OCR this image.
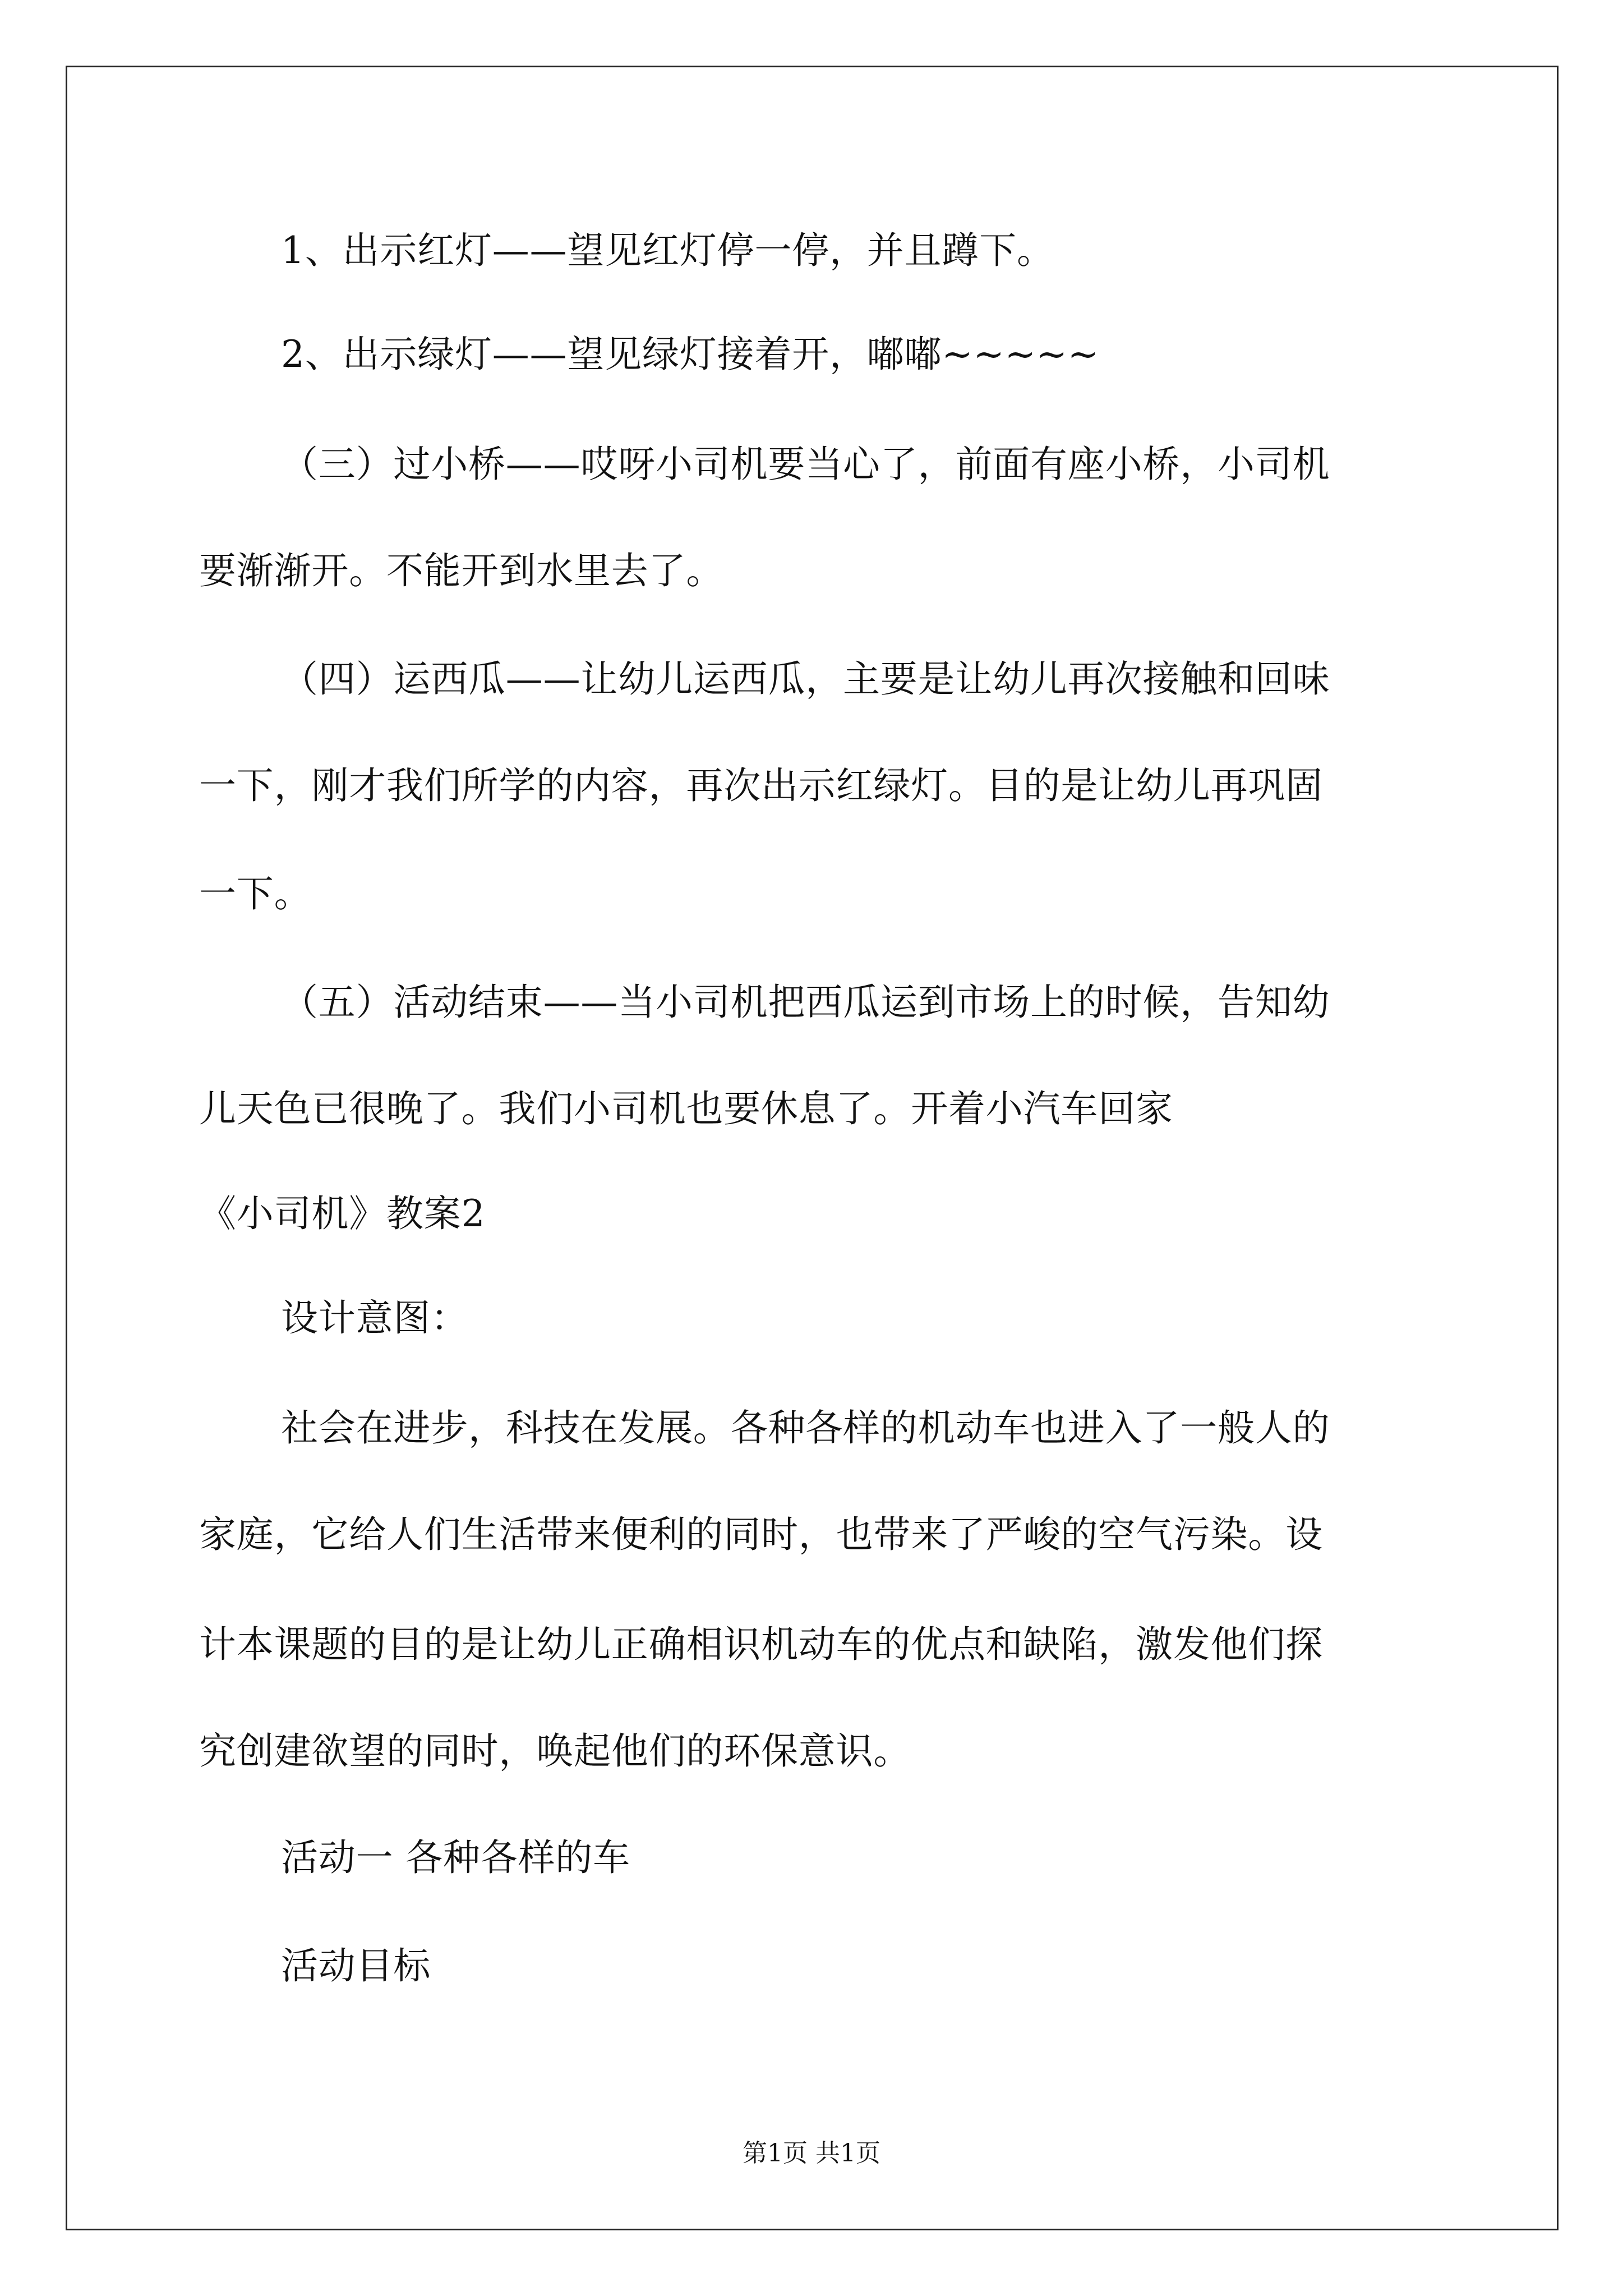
1、出示红灯——望见红灯停一停，并且蹲下。
2、出示绿灯——望见绿灯接着开，嘟嘟~~~~~
（三）过小桥——哎呀小司机要当心了，前面有座小桥，小司机
要渐渐开。不能开到水里去了。
（四）运西瓜——让幼儿运西瓜，主要是让幼儿再次接触和回味
一下，刚才我们所学的内容，再次出示红绿灯。目的是让幼儿再巩固
一下。
（五）活动结束——当小司机把西瓜运到市场上的时候，告知幼
儿天色已很晚了。我们小司机也要休息了。开着小汽车回家
《小司机》教案2
设计意图：
社会在进步，科技在发展。各种各样的机动车也进入了一般人的
家庭，它给人们生活带来便利的同时，也带来了严峻的空气污染。设
计本课题的目的是让幼儿正确相识机动车的优点和缺陷，激发他们探
究创建欲望的同时，唤起他们的环保意识。
活动一 各种各样的车
活动目标
第1页 共1页
